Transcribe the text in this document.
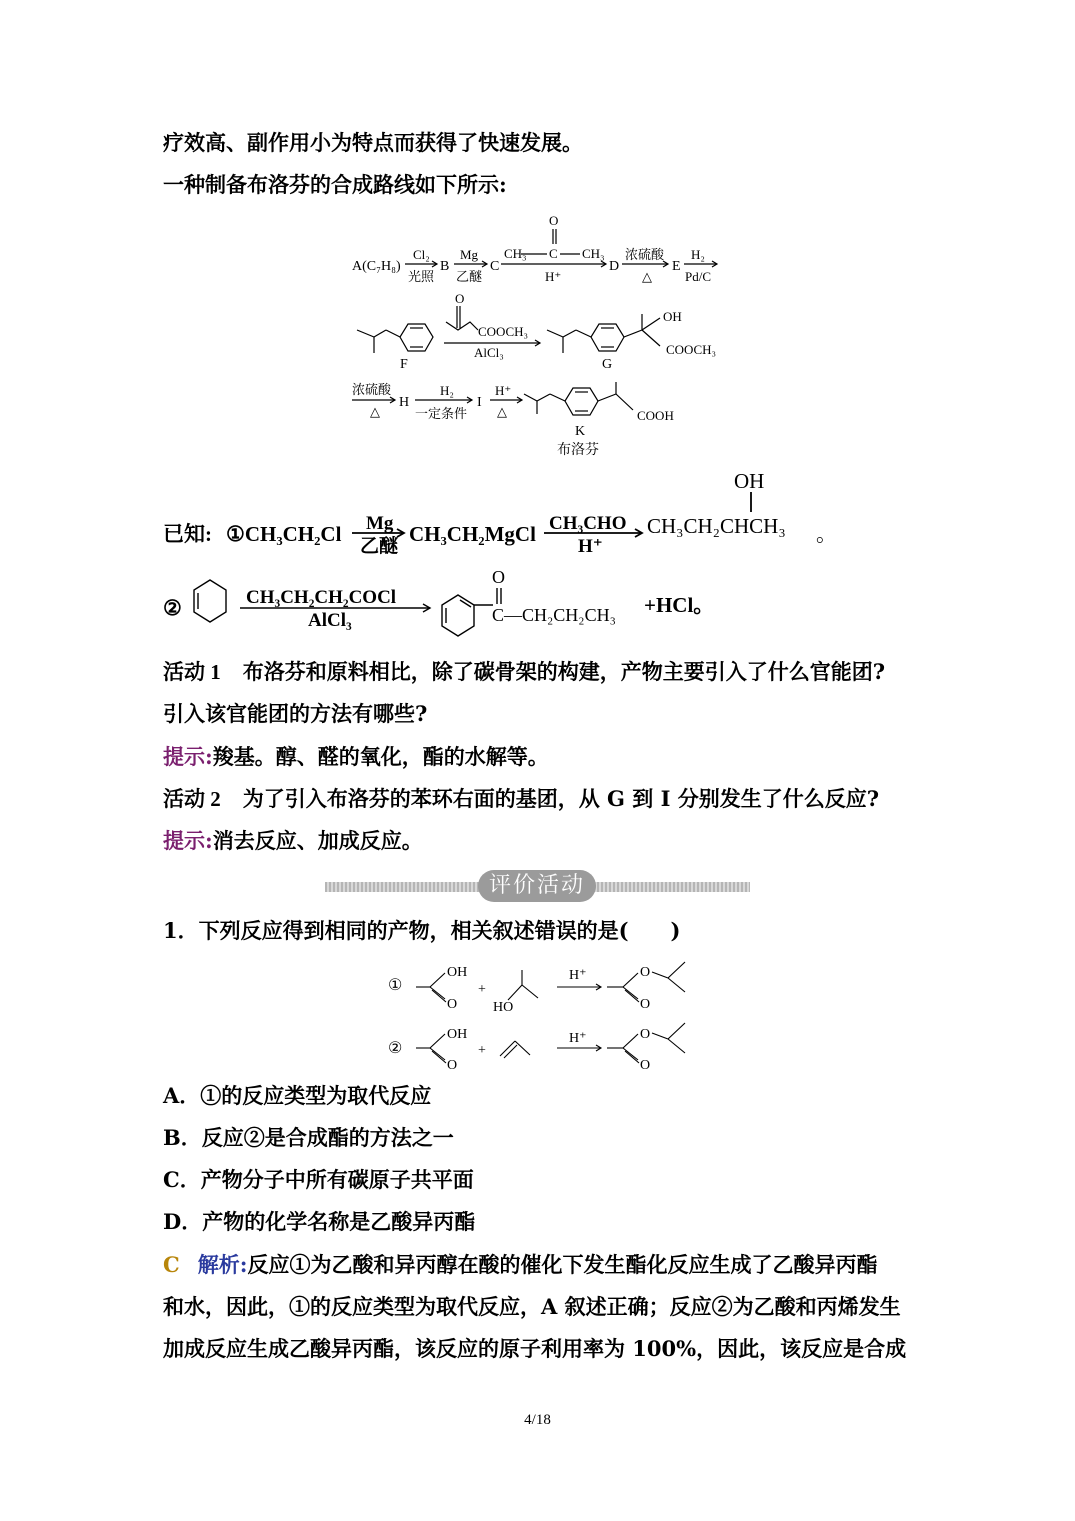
疗效高、副作用小为特点而获得了快速发展。
一种制备布洛芬的合成路线如下所示:
A(C₇H₈)
Cl₂
光照
B
Mg
乙醚
C
CH₃
O
C CH₃
H⁺
D
浓硫酸
△
E
H₂
Pd/C
O
COOCH₃
AlCl₃
F
OH
COOCH₃
G
浓硫酸
△
H
H₂
一定条件
I
H⁺
△	COOH
K
布洛芬
已知: ①CH₃CH₂Cl Mg
乙醚
CH₃CH₂MgCl CH₃CHO
H⁺
OH
CH₃CH₂CHCH₃ 。
②	CH₃CH₂CH₂COCl
AlCl₃
O
C—CH₂CH₂CH₃ +HCl。
活动 1 布洛芬和原料相比，除了碳骨架的构建，产物主要引入了什么官能团?
引入该官能团的方法有哪些?
提示:羧基。醇、醛的氧化，酯的水解等。
活动 2 为了引入布洛芬的苯环右面的基团，从 G 到 I 分别发生了什么反应?
提示:消去反应、加成反应。
评价活动
1．下列反应得到相同的产物，相关叙述错误的是(　　)
①
OH
O
+
HO
H⁺	O
O
②
OH
O
+
H⁺	O
O
A．①的反应类型为取代反应
B．反应②是合成酯的方法之一
C．产物分子中所有碳原子共平面
D．产物的化学名称是乙酸异丙酯
C 解析:反应①为乙酸和异丙醇在酸的催化下发生酯化反应生成了乙酸异丙酯
和水，因此，①的反应类型为取代反应，A 叙述正确；反应②为乙酸和丙烯发生
加成反应生成乙酸异丙酯，该反应的原子利用率为 100%，因此，该反应是合成
4/18
